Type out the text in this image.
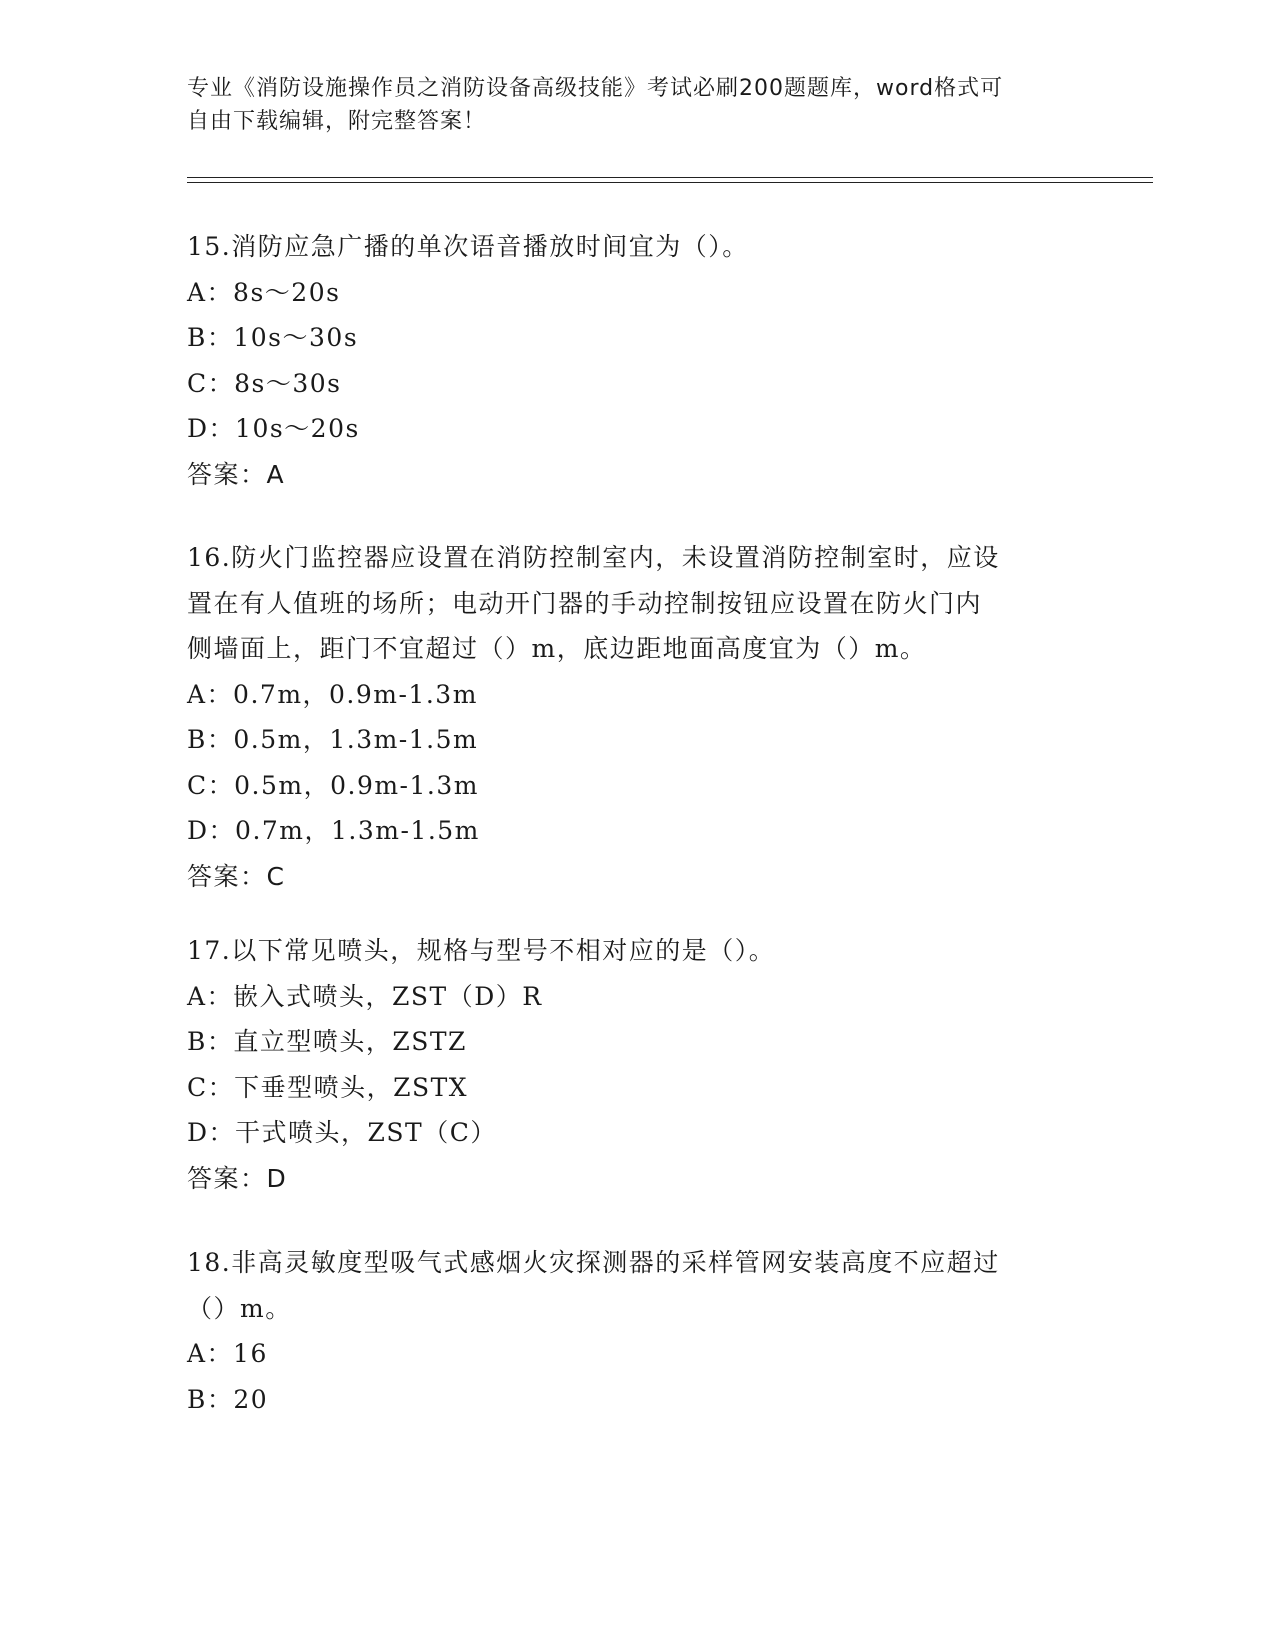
专业《消防设施操作员之消防设备高级技能》考试必刷200题题库，word格式可
自由下载编辑，附完整答案！

15.消防应急广播的单次语音播放时间宜为（）。

A：8s～20s

B：10s～30s

C：8s～30s

D：10s～20s

答案：A

16.防火门监控器应设置在消防控制室内，未设置消防控制室时，应设

置在有人值班的场所；电动开门器的手动控制按钮应设置在防火门内

侧墙面上，距门不宜超过（）m，底边距地面高度宜为（）m。

A：0.7m，0.9m-1.3m

B：0.5m，1.3m-1.5m

C：0.5m，0.9m-1.3m

D：0.7m，1.3m-1.5m

答案：C

17.以下常见喷头，规格与型号不相对应的是（）。

A：嵌入式喷头，ZST（D）R

B：直立型喷头，ZSTZ

C：下垂型喷头，ZSTX

D：干式喷头，ZST（C）

答案：D

18.非高灵敏度型吸气式感烟火灾探测器的采样管网安装高度不应超过

（）m。

A：16

B：20
